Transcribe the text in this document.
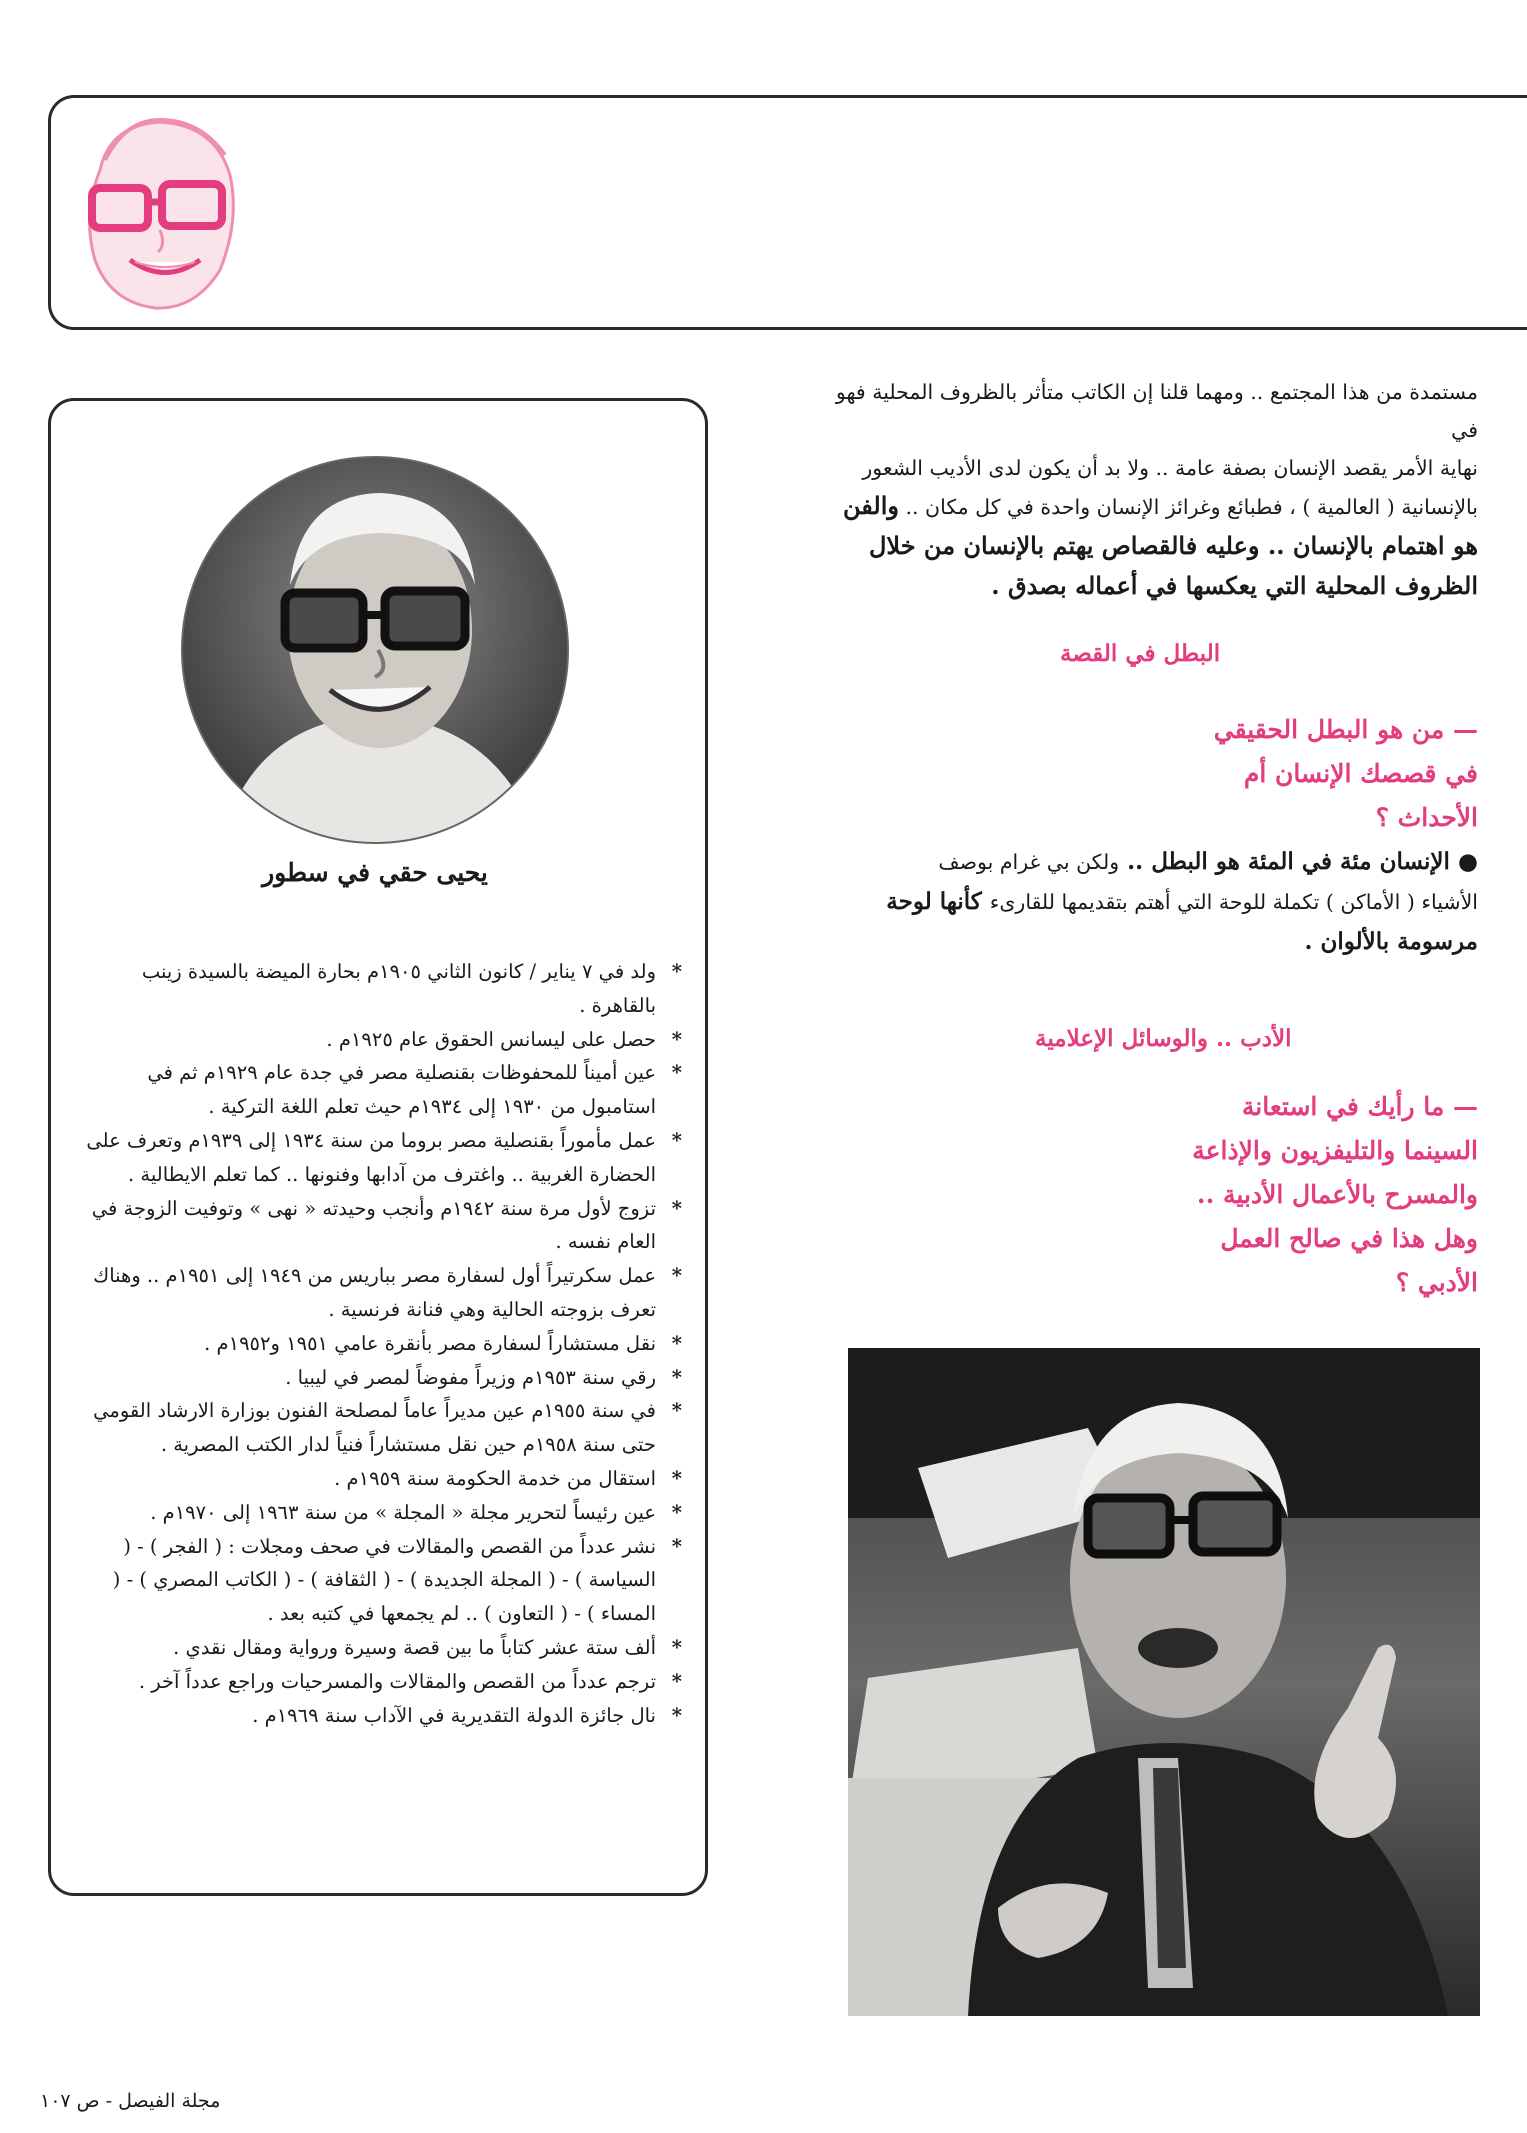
مستمدة من هذا المجتمع .. ومهما قلنا إن الكاتب متأثر بالظروف المحلية فهو في
نهاية الأمر يقصد الإنسان بصفة عامة .. ولا بد أن يكون لدى الأديب الشعور
بالإنسانية ( العالمية ) ، فطبائع وغرائز الإنسان واحدة في كل مكان .. والفن

هو اهتمام بالإنسان .. وعليه فالقصاص يهتم بالإنسان من خلال
الظروف المحلية التي يعكسها في أعماله بصدق .

البطل في القصة
— من هو البطل الحقيقي
في قصصك الإنسان أم
الأحداث ؟

● الإنسان مئة في المئة هو البطل .. ولكن بي غرام بوصف

الأشياء ( الأماكن ) تكملة للوحة التي أهتم بتقديمها للقارىء كأنها لوحة

مرسومة بالألوان .

الأدب .. والوسائل الإعلامية
— ما رأيك في استعانة
السينما والتليفزيون والإذاعة
والمسرح بالأعمال الأدبية ..
وهل هذا في صالح العمل
الأدبي ؟
يحيى حقي في سطور
*
ولد في ٧ يناير / كانون الثاني ١٩٠٥م بحارة الميضة بالسيدة زينب بالقاهرة .
*
حصل على ليسانس الحقوق عام ١٩٢٥م .
*
عين أميناً للمحفوظات بقنصلية مصر في جدة عام ١٩٢٩م ثم في استامبول من ١٩٣٠ إلى ١٩٣٤م حيث تعلم اللغة التركية .
*
عمل مأموراً بقنصلية مصر بروما من سنة ١٩٣٤ إلى ١٩٣٩م وتعرف على الحضارة الغربية .. واغترف من آدابها وفنونها .. كما تعلم الايطالية .
*
تزوج لأول مرة سنة ١٩٤٢م وأنجب وحيدته « نهى » وتوفيت الزوجة في العام نفسه .
*
عمل سكرتيراً أول لسفارة مصر بباريس من ١٩٤٩ إلى ١٩٥١م .. وهناك تعرف بزوجته الحالية وهي فنانة فرنسية .
*
نقل مستشاراً لسفارة مصر بأنقرة عامي ١٩٥١ و١٩٥٢م .
*
رقي سنة ١٩٥٣م وزيراً مفوضاً لمصر في ليبيا .
*
في سنة ١٩٥٥م عين مديراً عاماً لمصلحة الفنون بوزارة الارشاد القومي حتى سنة ١٩٥٨م حين نقل مستشاراً فنياً لدار الكتب المصرية .
*
استقال من خدمة الحكومة سنة ١٩٥٩م .
*
عين رئيساً لتحرير مجلة « المجلة » من سنة ١٩٦٣ إلى ١٩٧٠م .
*
نشر عدداً من القصص والمقالات في صحف ومجلات : ( الفجر ) - ( السياسة ) - ( المجلة الجديدة ) - ( الثقافة ) - ( الكاتب المصري ) - ( المساء ) - ( التعاون ) .. لم يجمعها في كتبه بعد .
*
ألف ستة عشر كتاباً ما بين قصة وسيرة ورواية ومقال نقدي .
*
ترجم عدداً من القصص والمقالات والمسرحيات وراجع عدداً آخر .
*
نال جائزة الدولة التقديرية في الآداب سنة ١٩٦٩م .
مجلة الفيصل - ص ١٠٧
